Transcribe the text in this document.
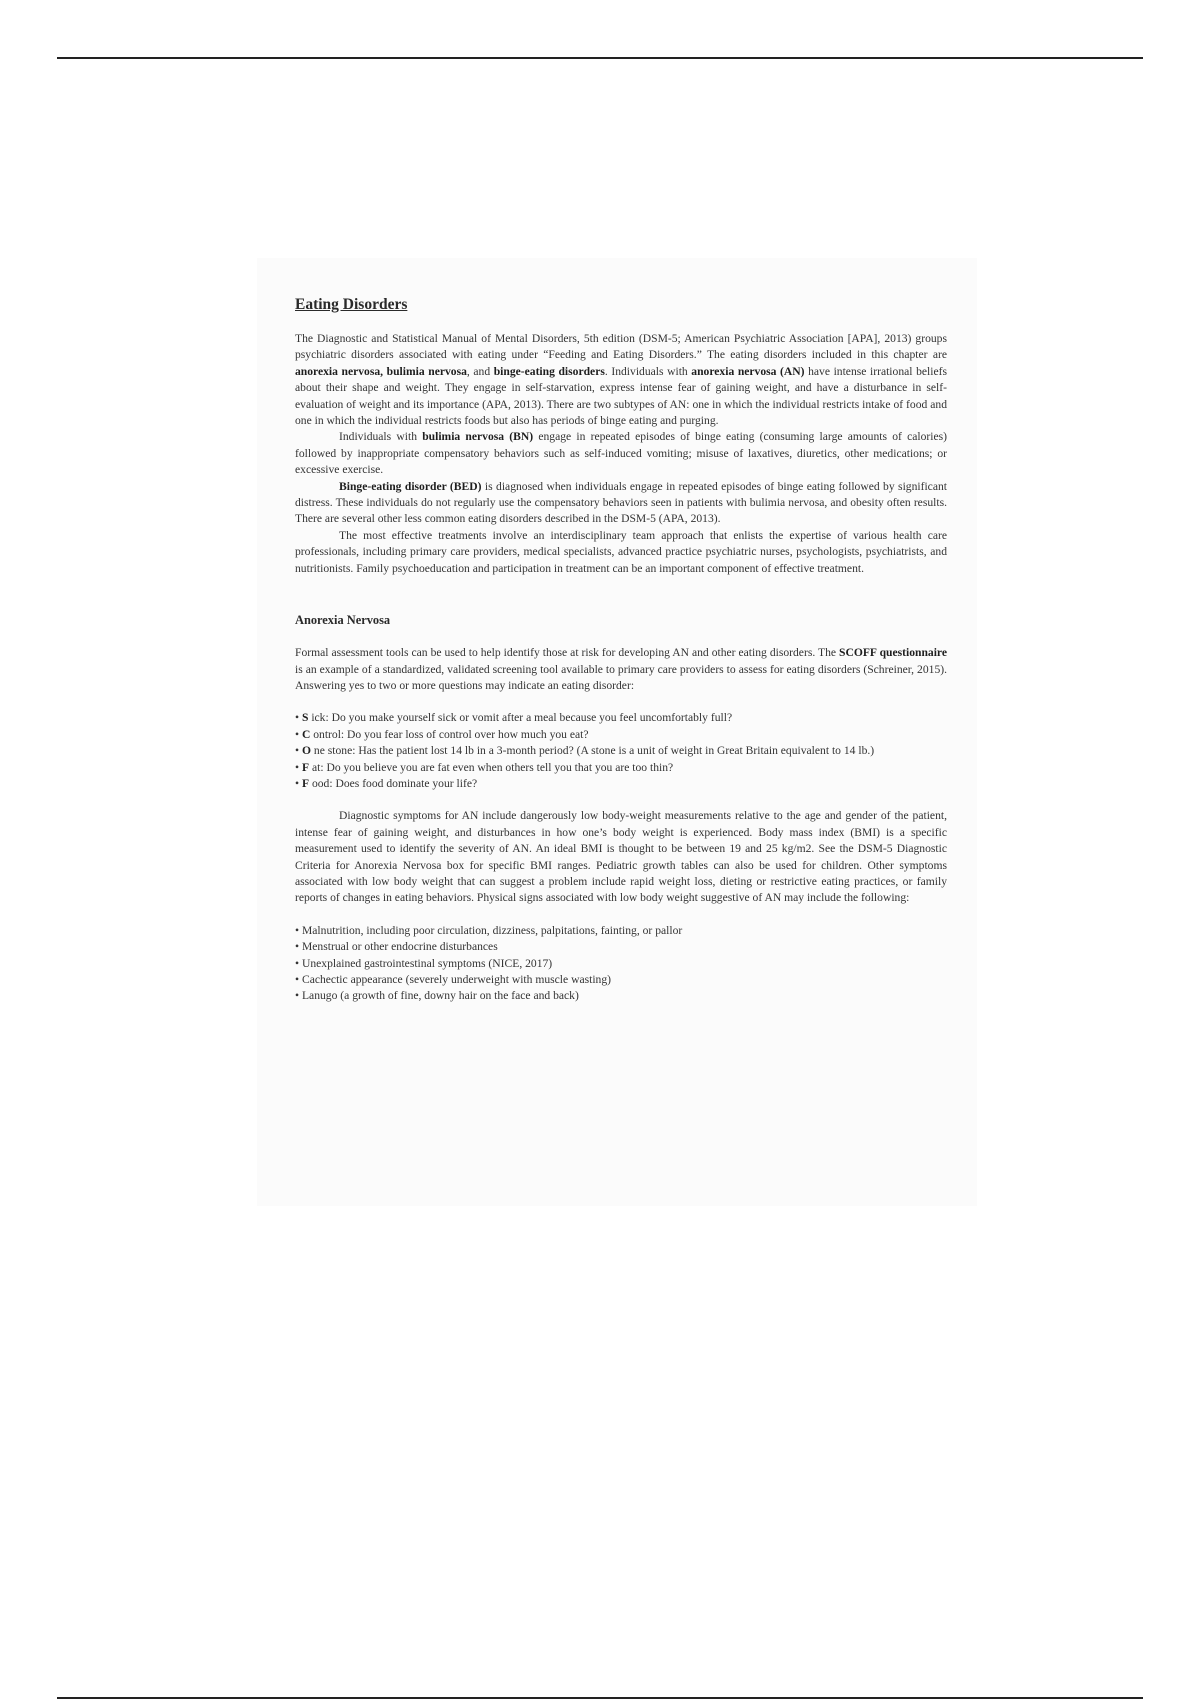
Eating Disorders

The Diagnostic and Statistical Manual of Mental Disorders, 5th edition (DSM-5; American Psychiatric Association [APA], 2013) groups psychiatric disorders associated with eating under “Feeding and Eating Disorders.” The eating disorders included in this chapter are anorexia nervosa, bulimia nervosa, and binge-eating disorders. Individuals with anorexia nervosa (AN) have intense irrational beliefs about their shape and weight. They engage in self-starvation, express intense fear of gaining weight, and have a disturbance in self-evaluation of weight and its importance (APA, 2013). There are two subtypes of AN: one in which the individual restricts intake of food and one in which the individual restricts foods but also has periods of binge eating and purging.

Individuals with bulimia nervosa (BN) engage in repeated episodes of binge eating (consuming large amounts of calories) followed by inappropriate compensatory behaviors such as self-induced vomiting; misuse of laxatives, diuretics, other medications; or excessive exercise.

Binge-eating disorder (BED) is diagnosed when individuals engage in repeated episodes of binge eating followed by significant distress. These individuals do not regularly use the compensatory behaviors seen in patients with bulimia nervosa, and obesity often results. There are several other less common eating disorders described in the DSM-5 (APA, 2013).

The most effective treatments involve an interdisciplinary team approach that enlists the expertise of various health care professionals, including primary care providers, medical specialists, advanced practice psychiatric nurses, psychologists, psychiatrists, and nutritionists. Family psychoeducation and participation in treatment can be an important component of effective treatment.

Anorexia Nervosa

Formal assessment tools can be used to help identify those at risk for developing AN and other eating disorders. The SCOFF questionnaire is an example of a standardized, validated screening tool available to primary care providers to assess for eating disorders (Schreiner, 2015). Answering yes to two or more questions may indicate an eating disorder:

• S ick: Do you make yourself sick or vomit after a meal because you feel uncomfortably full?
• C ontrol: Do you fear loss of control over how much you eat?
• O ne stone: Has the patient lost 14 lb in a 3-month period? (A stone is a unit of weight in Great Britain equivalent to 14 lb.)
• F at: Do you believe you are fat even when others tell you that you are too thin?
• F ood: Does food dominate your life?

Diagnostic symptoms for AN include dangerously low body-weight measurements relative to the age and gender of the patient, intense fear of gaining weight, and disturbances in how one’s body weight is experienced. Body mass index (BMI) is a specific measurement used to identify the severity of AN. An ideal BMI is thought to be between 19 and 25 kg/m2. See the DSM-5 Diagnostic Criteria for Anorexia Nervosa box for specific BMI ranges. Pediatric growth tables can also be used for children. Other symptoms associated with low body weight that can suggest a problem include rapid weight loss, dieting or restrictive eating practices, or family reports of changes in eating behaviors. Physical signs associated with low body weight suggestive of AN may include the following:

• Malnutrition, including poor circulation, dizziness, palpitations, fainting, or pallor
• Menstrual or other endocrine disturbances
• Unexplained gastrointestinal symptoms (NICE, 2017)
• Cachectic appearance (severely underweight with muscle wasting)
• Lanugo (a growth of fine, downy hair on the face and back)
